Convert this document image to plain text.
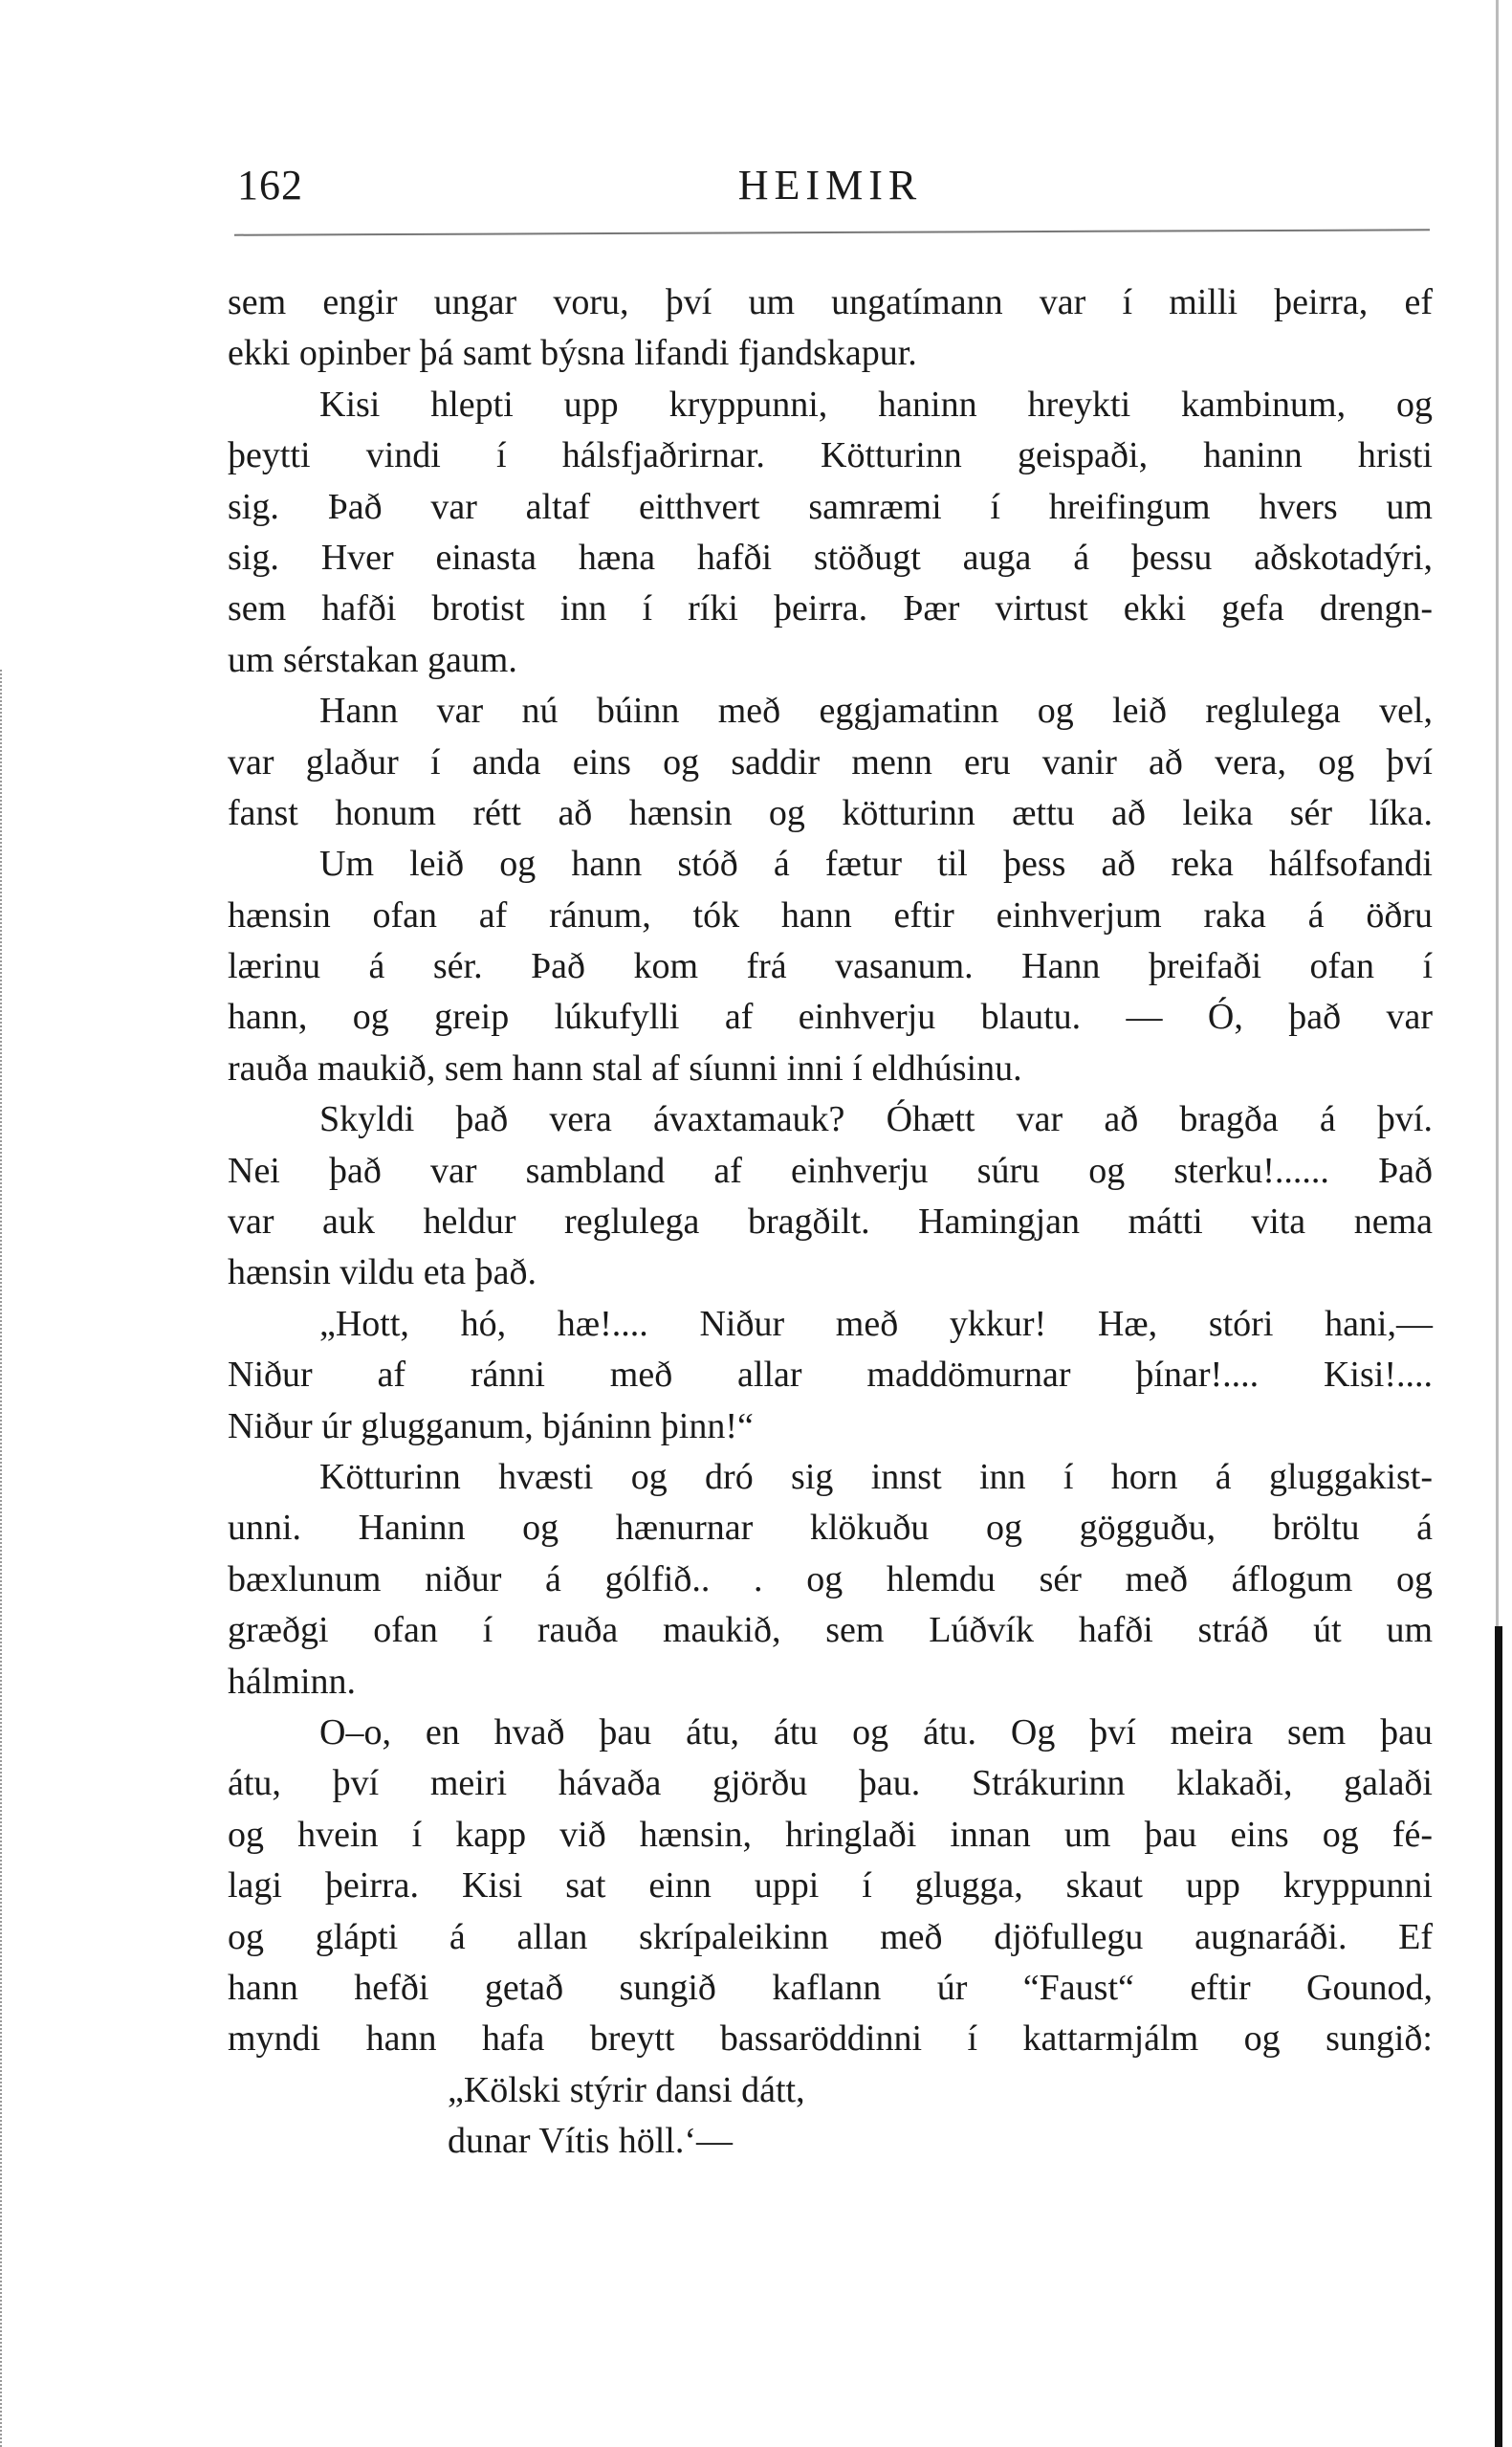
162	HEIMIR
sem engir ungar voru, því um ungatímann var í milli þeirra, ef
ekki opinber þá samt býsna lifandi fjandskapur.
Kisi hlepti upp kryppunni, haninn hreykti kambinum, og
þeytti vindi í hálsfjaðrirnar. Kötturinn geispaði, haninn hristi
sig. Það var altaf eitthvert samræmi í hreifingum hvers um
sig. Hver einasta hæna hafði stöðugt auga á þessu aðskotadýri,
sem hafði brotist inn í ríki þeirra. Þær virtust ekki gefa drengn-
um sérstakan gaum.
Hann var nú búinn með eggjamatinn og leið reglulega vel,
var glaður í anda eins og saddir menn eru vanir að vera, og því
fanst honum rétt að hænsin og kötturinn ættu að leika sér líka.
Um leið og hann stóð á fætur til þess að reka hálfsofandi
hænsin ofan af ránum, tók hann eftir einhverjum raka á öðru
lærinu á sér. Það kom frá vasanum. Hann þreifaði ofan í
hann, og greip lúkufylli af einhverju blautu. — Ó, það var
rauða maukið, sem hann stal af síunni inni í eldhúsinu.
Skyldi það vera ávaxtamauk? Óhætt var að bragða á því.
Nei það var sambland af einhverju súru og sterku!...... Það
var auk heldur reglulega bragðilt. Hamingjan mátti vita nema
hænsin vildu eta það.
„Hott, hó, hæ!.... Niður með ykkur! Hæ, stóri hani,—
Niður af ránni með allar maddömurnar þínar!.... Kisi!....
Niður úr glugganum, bjáninn þinn!“
Kötturinn hvæsti og dró sig innst inn í horn á gluggakist-
unni. Haninn og hænurnar klökuðu og gögguðu, bröltu á
bæxlunum niður á gólfið.. . og hlemdu sér með áflogum og
græðgi ofan í rauða maukið, sem Lúðvík hafði stráð út um
hálminn.
O–o, en hvað þau átu, átu og átu. Og því meira sem þau
átu, því meiri hávaða gjörðu þau. Strákurinn klakaði, galaði
og hvein í kapp við hænsin, hringlaði innan um þau eins og fé-
lagi þeirra. Kisi sat einn uppi í glugga, skaut upp kryppunni
og glápti á allan skrípaleikinn með djöfullegu augnaráði. Ef
hann hefði getað sungið kaflann úr “Faust“ eftir Gounod,
myndi hann hafa breytt bassaröddinni í kattarmjálm og sungið:
„Kölski stýrir dansi dátt,
dunar Vítis höll.‘—
